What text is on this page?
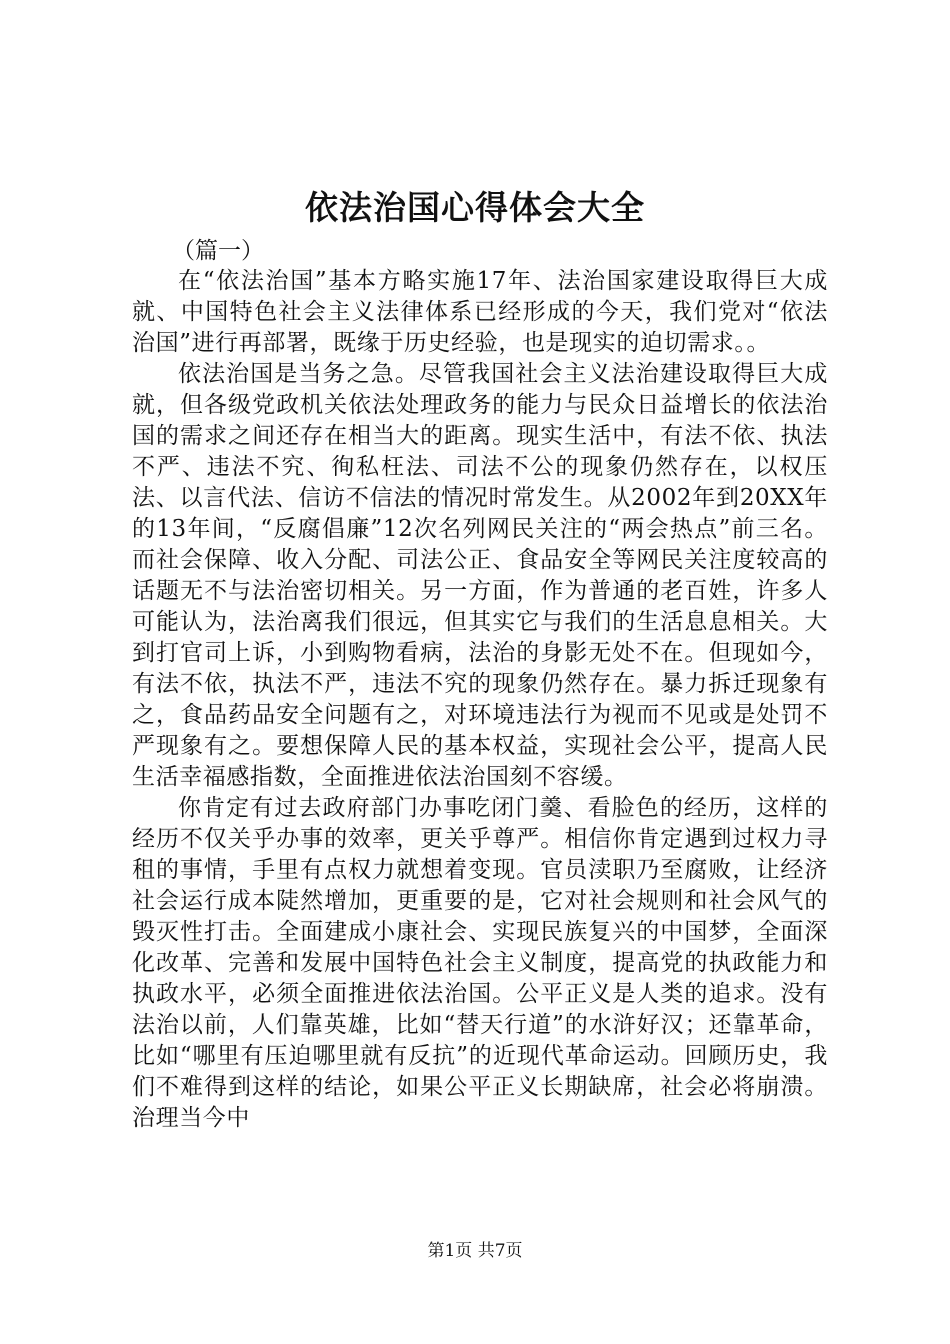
依法治国心得体会大全
（篇一）

在“依法治国”基本方略实施17年、法治国家建设取得巨大成就、中国特色社会主义法律体系已经形成的今天，我们党对“依法治国”进行再部署，既缘于历史经验，也是现实的迫切需求。。

依法治国是当务之急。尽管我国社会主义法治建设取得巨大成就，但各级党政机关依法处理政务的能力与民众日益增长的依法治国的需求之间还存在相当大的距离。现实生活中，有法不依、执法不严、违法不究、徇私枉法、司法不公的现象仍然存在，以权压法、以言代法、信访不信法的情况时常发生。从2002年到20XX年的13年间，“反腐倡廉”12次名列网民关注的“两会热点”前三名。而社会保障、收入分配、司法公正、食品安全等网民关注度较高的话题无不与法治密切相关。另一方面，作为普通的老百姓，许多人可能认为，法治离我们很远，但其实它与我们的生活息息相关。大到打官司上诉，小到购物看病，法治的身影无处不在。但现如今，有法不依，执法不严，违法不究的现象仍然存在。暴力拆迁现象有之，食品药品安全问题有之，对环境违法行为视而不见或是处罚不严现象有之。要想保障人民的基本权益，实现社会公平，提高人民生活幸福感指数，全面推进依法治国刻不容缓。

你肯定有过去政府部门办事吃闭门羹、看脸色的经历，这样的经历不仅关乎办事的效率，更关乎尊严。相信你肯定遇到过权力寻租的事情，手里有点权力就想着变现。官员渎职乃至腐败，让经济社会运行成本陡然增加，更重要的是，它对社会规则和社会风气的毁灭性打击。全面建成小康社会、实现民族复兴的中国梦，全面深化改革、完善和发展中国特色社会主义制度，提高党的执政能力和执政水平，必须全面推进依法治国。公平正义是人类的追求。没有法治以前，人们靠英雄，比如“替天行道”的水浒好汉；还靠革命，比如“哪里有压迫哪里就有反抗”的近现代革命运动。回顾历史，我们不难得到这样的结论，如果公平正义长期缺席，社会必将崩溃。治理当今中

第1页 共7页
